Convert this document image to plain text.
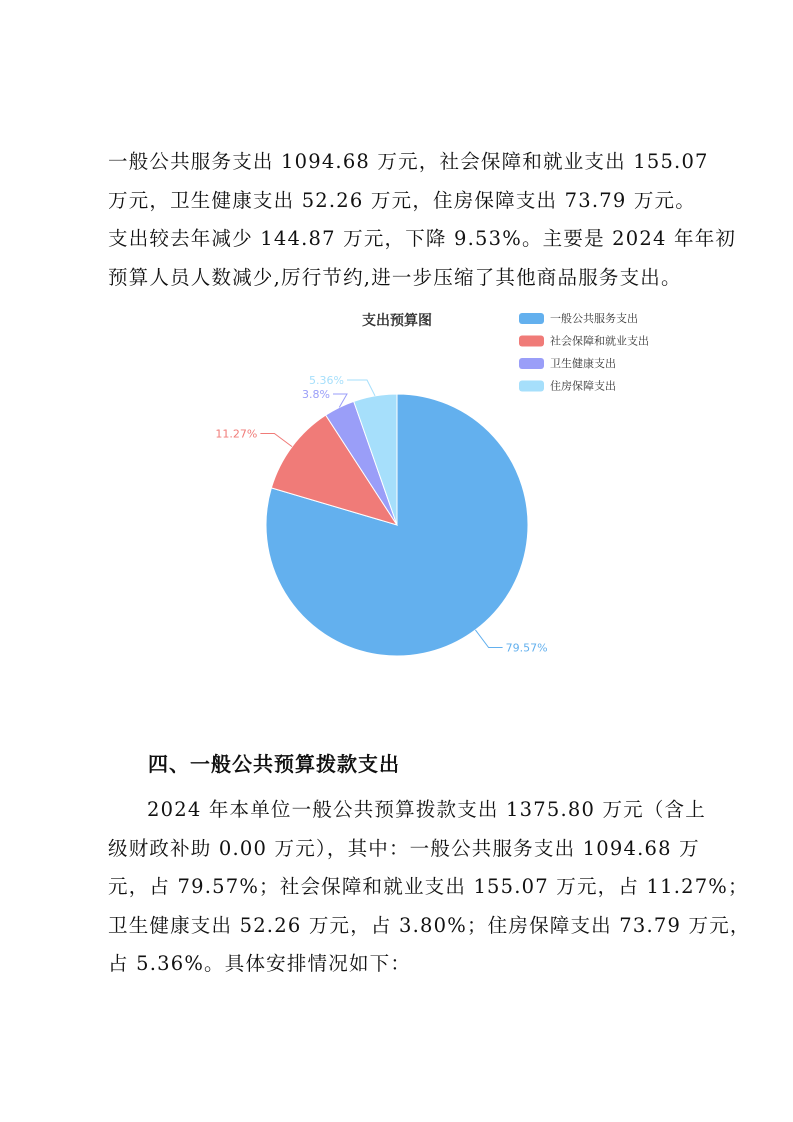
一般公共服务支出 1094.68 万元，社会保障和就业支出 155.07
万元，卫生健康支出 52.26 万元，住房保障支出 73.79 万元。
支出较去年减少 144.87 万元，下降 9.53%。主要是 2024 年年初
预算人员人数减少,厉行节约,进一步压缩了其他商品服务支出。
支出预算图
79.57%
11.27%
3.8%
5.36%
一般公共服务支出
社会保障和就业支出
卫生健康支出
住房保障支出
四、一般公共预算拨款支出
2024 年本单位一般公共预算拨款支出 1375.80 万元（含上
级财政补助 0.00 万元），其中：一般公共服务支出 1094.68 万
元，占 79.57%；社会保障和就业支出 155.07 万元，占 11.27%；
卫生健康支出 52.26 万元，占 3.80%；住房保障支出 73.79 万元，
占 5.36%。具体安排情况如下：
